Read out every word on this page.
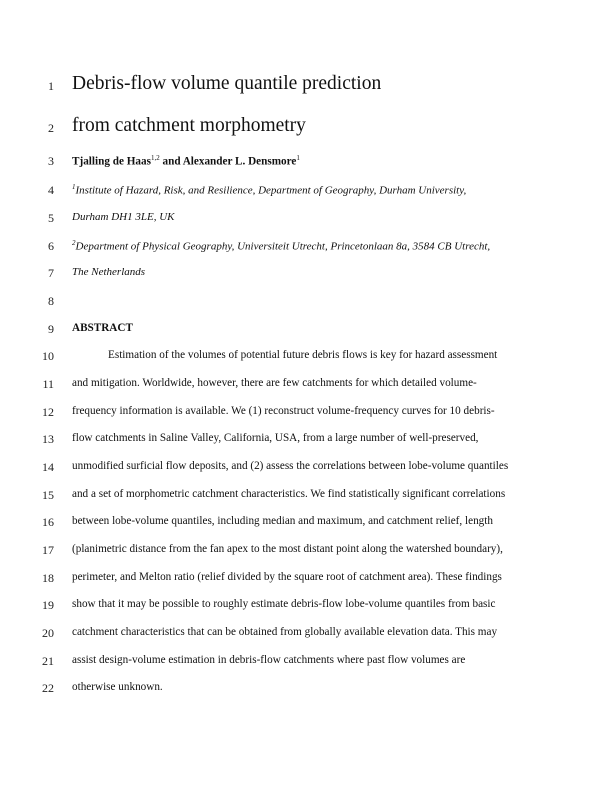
1 Debris-flow volume quantile prediction
2 from catchment morphometry
3 Tjalling de Haas$^{1,2}$ and Alexander L. Densmore$^1$
4	$^1$Institute of Hazard, Risk, and Resilience, Department of Geography, Durham University,
5 Durham DH1 3LE, UK
6	$^2$Department of Physical Geography, Universiteit Utrecht, Princetonlaan 8a, 3584 CB Utrecht,
7 The Netherlands
8
9 ABSTRACT
10	Estimation of the volumes of potential future debris flows is key for hazard assessment
11 and mitigation. Worldwide, however, there are few catchments for which detailed volume-
12 frequency information is available. We (1) reconstruct volume-frequency curves for 10 debris-
13 flow catchments in Saline Valley, California, USA, from a large number of well-preserved,
14 unmodified surficial flow deposits, and (2) assess the correlations between lobe-volume quantiles
15 and a set of morphometric catchment characteristics. We find statistically significant correlations
16 between lobe-volume quantiles, including median and maximum, and catchment relief, length
17 (planimetric distance from the fan apex to the most distant point along the watershed boundary),
18 perimeter, and Melton ratio (relief divided by the square root of catchment area). These findings
19 show that it may be possible to roughly estimate debris-flow lobe-volume quantiles from basic
20 catchment characteristics that can be obtained from globally available elevation data. This may
21 assist design-volume estimation in debris-flow catchments where past flow volumes are
22 otherwise unknown.
